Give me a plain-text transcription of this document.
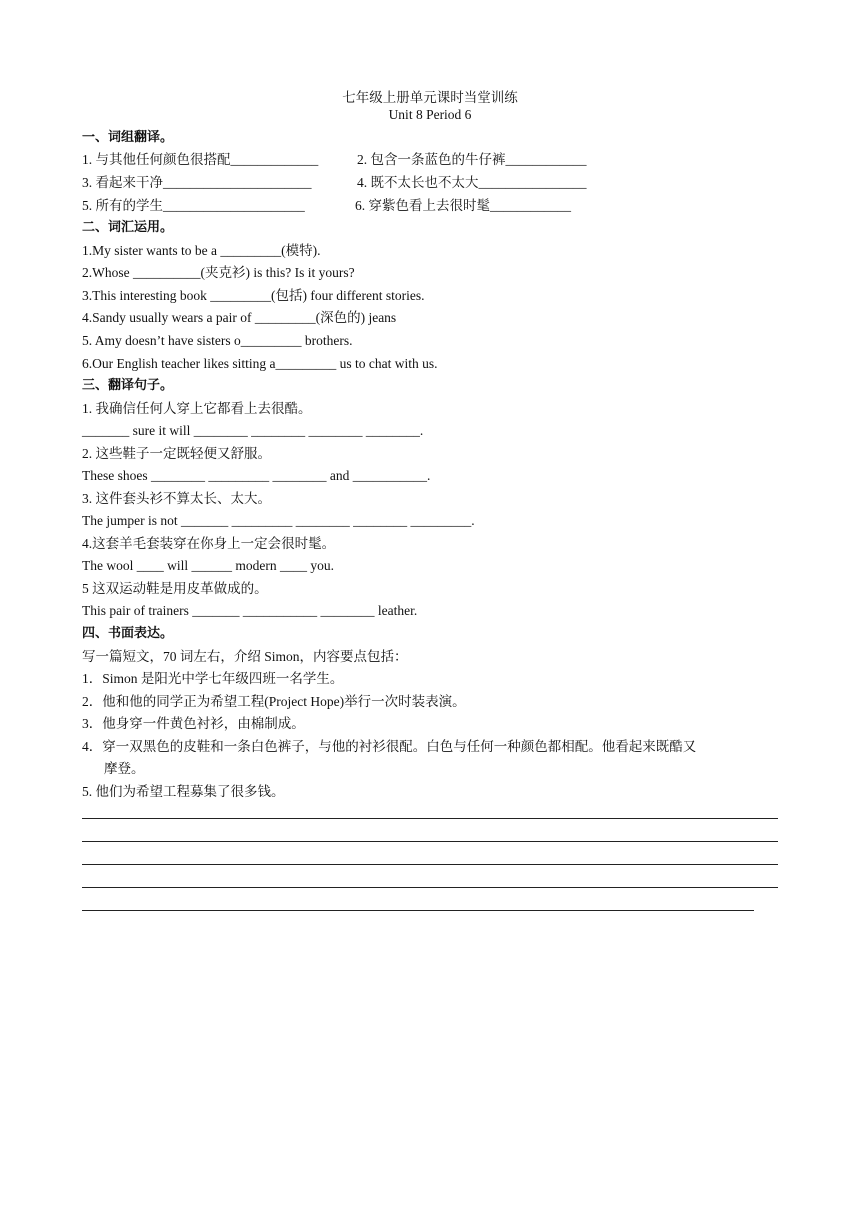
七年级上册单元课时当堂训练
Unit 8 Period 6
一、词组翻译。
1. 与其他任何颜色很搭配_____________	2. 包含一条蓝色的牛仔裤____________
3. 看起来干净______________________	4. 既不太长也不太大________________
5. 所有的学生_____________________	6. 穿紫色看上去很时髦____________
二、词汇运用。
1.My sister wants to be a _________(模特).
2.Whose __________(夹克衫) is this? Is it yours?
3.This interesting book _________(包括) four different stories.
4.Sandy usually wears a pair of _________(深色的) jeans
5. Amy doesn’t have sisters o_________ brothers.
6.Our English teacher likes sitting a_________ us to chat with us.
三、翻译句子。
1. 我确信任何人穿上它都看上去很酷。
_______ sure it will ________ ________ ________ ________.
2. 这些鞋子一定既轻便又舒服。
These shoes ________ _________ ________ and ___________.
3. 这件套头衫不算太长、太大。
The jumper is not _______ _________ ________ ________ _________.
4.这套羊毛套装穿在你身上一定会很时髦。
The wool ____ will ______ modern ____ you.
5 这双运动鞋是用皮革做成的。
This pair of trainers _______ ___________ ________ leather.
四、书面表达。
写一篇短文，70 词左右，介绍 Simon，内容要点包括：
1．Simon 是阳光中学七年级四班一名学生。
2．他和他的同学正为希望工程(Project Hope)举行一次时装表演。
3．他身穿一件黄色衬衫，由棉制成。
4．穿一双黑色的皮鞋和一条白色裤子，与他的衬衫很配。白色与任何一种颜色都相配。他看起来既酷又
摩登。
5. 他们为希望工程募集了很多钱。
